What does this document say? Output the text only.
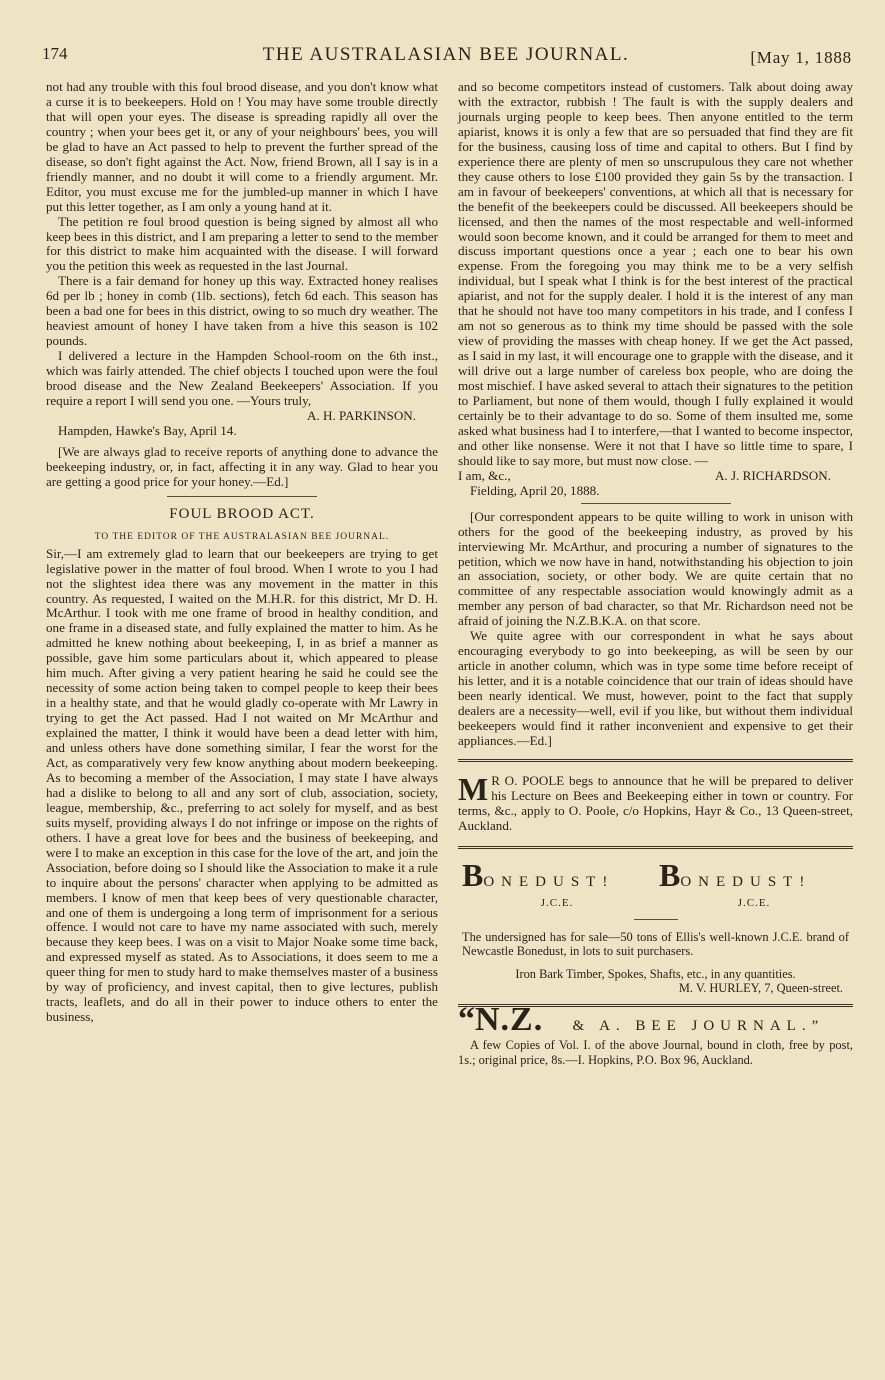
174	THE AUSTRALASIAN BEE JOURNAL.	[May 1, 1888

not had any trouble with this foul brood disease, and you don't know what a curse it is to beekeepers. Hold on ! You may have some trouble directly that will open your eyes. The disease is spreading rapidly all over the country ; when your bees get it, or any of your neighbours' bees, you will be glad to have an Act passed to help to prevent the further spread of the disease, so don't fight against the Act. Now, friend Brown, all I say is in a friendly manner, and no doubt it will come to a friendly argument. Mr. Editor, you must excuse me for the jumbled-up manner in which I have put this letter together, as I am only a young hand at it.

The petition re foul brood question is being signed by almost all who keep bees in this district, and I am preparing a letter to send to the member for this district to make him acquainted with the disease. I will forward you the petition this week as requested in the last Journal.

There is a fair demand for honey up this way. Extracted honey realises 6d per lb ; honey in comb (1lb. sections), fetch 6d each. This season has been a bad one for bees in this district, owing to so much dry weather. The heaviest amount of honey I have taken from a hive this season is 102 pounds.

I delivered a lecture in the Hampden School-room on the 6th inst., which was fairly attended. The chief objects I touched upon were the foul brood disease and the New Zealand Beekeepers' Association. If you require a report I will send you one. —Yours truly,

A. H. PARKINSON.

Hampden, Hawke's Bay, April 14.

[We are always glad to receive reports of anything done to advance the beekeeping industry, or, in fact, affecting it in any way. Glad to hear you are getting a good price for your honey.—Ed.]

FOUL BROOD ACT.
TO THE EDITOR OF THE AUSTRALASIAN BEE JOURNAL.

Sir,—I am extremely glad to learn that our beekeepers are trying to get legislative power in the matter of foul brood. When I wrote to you I had not the slightest idea there was any movement in the matter in this country. As requested, I waited on the M.H.R. for this district, Mr D. H. McArthur. I took with me one frame of brood in healthy condition, and one frame in a diseased state, and fully explained the matter to him. As he admitted he knew nothing about beekeeping, I, in as brief a manner as possible, gave him some particulars about it, which appeared to please him much. After giving a very patient hearing he said he could see the necessity of some action being taken to compel people to keep their bees in a healthy state, and that he would gladly co-operate with Mr Lawry in trying to get the Act passed. Had I not waited on Mr McArthur and explained the matter, I think it would have been a dead letter with him, and unless others have done something similar, I fear the worst for the Act, as comparatively very few know anything about modern beekeeping. As to becoming a member of the Association, I may state I have always had a dislike to belong to all and any sort of club, association, society, league, membership, &c., preferring to act solely for myself, and as best suits myself, providing always I do not infringe or impose on the rights of others. I have a great love for bees and the business of beekeeping, and were I to make an exception in this case for the love of the art, and join the Association, before doing so I should like the Association to make it a rule to inquire about the persons' character when applying to be admitted as members. I know of men that keep bees of very questionable character, and one of them is undergoing a long term of imprisonment for a serious offence. I would not care to have my name associated with such, merely because they keep bees. I was on a visit to Major Noake some time back, and expressed myself as stated. As to Associations, it does seem to me a queer thing for men to study hard to make themselves master of a business by way of proficiency, and invest capital, then to give lectures, publish tracts, leaflets, and do all in their power to induce others to enter the business,

and so become competitors instead of customers. Talk about doing away with the extractor, rubbish ! The fault is with the supply dealers and journals urging people to keep bees. Then anyone entitled to the term apiarist, knows it is only a few that are so persuaded that find they are fit for the business, causing loss of time and capital to others. But I find by experience there are plenty of men so unscrupulous they care not whether they cause others to lose £100 provided they gain 5s by the transaction. I am in favour of beekeepers' conventions, at which all that is necessary for the benefit of the beekeepers could be discussed. All beekeepers should be licensed, and then the names of the most respectable and well-informed would soon become known, and it could be arranged for them to meet and discuss important questions once a year ; each one to bear his own expense. From the foregoing you may think me to be a very selfish individual, but I speak what I think is for the best interest of the practical apiarist, and not for the supply dealer. I hold it is the interest of any man that he should not have too many competitors in his trade, and I confess I am not so generous as to think my time should be passed with the sole view of providing the masses with cheap honey. If we get the Act passed, as I said in my last, it will encourage one to grapple with the disease, and it will drive out a large number of careless box people, who are doing the most mischief. I have asked several to attach their signatures to the petition to Parliament, but none of them would, though I fully explained it would certainly be to their advantage to do so. Some of them insulted me, some asked what business had I to interfere,—that I wanted to become inspector, and other like nonsense. Were it not that I have so little time to spare, I should like to say more, but must now close. —

I am, &c.,	A. J. RICHARDSON.

Fielding, April 20, 1888.

[Our correspondent appears to be quite willing to work in unison with others for the good of the beekeeping industry, as proved by his interviewing Mr. McArthur, and procuring a number of signatures to the petition, which we now have in hand, notwithstanding his objection to join an association, society, or other body. We are quite certain that no committee of any respectable association would knowingly admit as a member any person of bad character, so that Mr. Richardson need not be afraid of joining the N.Z.B.K.A. on that score.

We quite agree with our correspondent in what he says about encouraging everybody to go into beekeeping, as will be seen by our article in another column, which was in type some time before receipt of his letter, and it is a notable coincidence that our train of ideas should have been nearly identical. We must, however, point to the fact that supply dealers are a necessity—well, evil if you like, but without them individual beekeepers would find it rather inconvenient and expensive to get their appliances.—Ed.]

M R O. POOLE begs to announce that he will be prepared to deliver his Lecture on Bees and Beekeeping either in town or country. For terms, &c., apply to O. Poole, c/o Hopkins, Hayr & Co., 13 Queen-street, Auckland.

BONEDUST!
J.C.E.
BONEDUST!
J.C.E.

The undersigned has for sale—50 tons of Ellis's well-known J.C.E. brand of Newcastle Bonedust, in lots to suit purchasers.

Iron Bark Timber, Spokes, Shafts, etc., in any quantities.

M. V. HURLEY, 7, Queen-street.

“N.Z. & A. BEE JOURNAL.”

A few Copies of Vol. I. of the above Journal, bound in cloth, free by post, 1s.; original price, 8s.—I. Hopkins, P.O. Box 96, Auckland.
